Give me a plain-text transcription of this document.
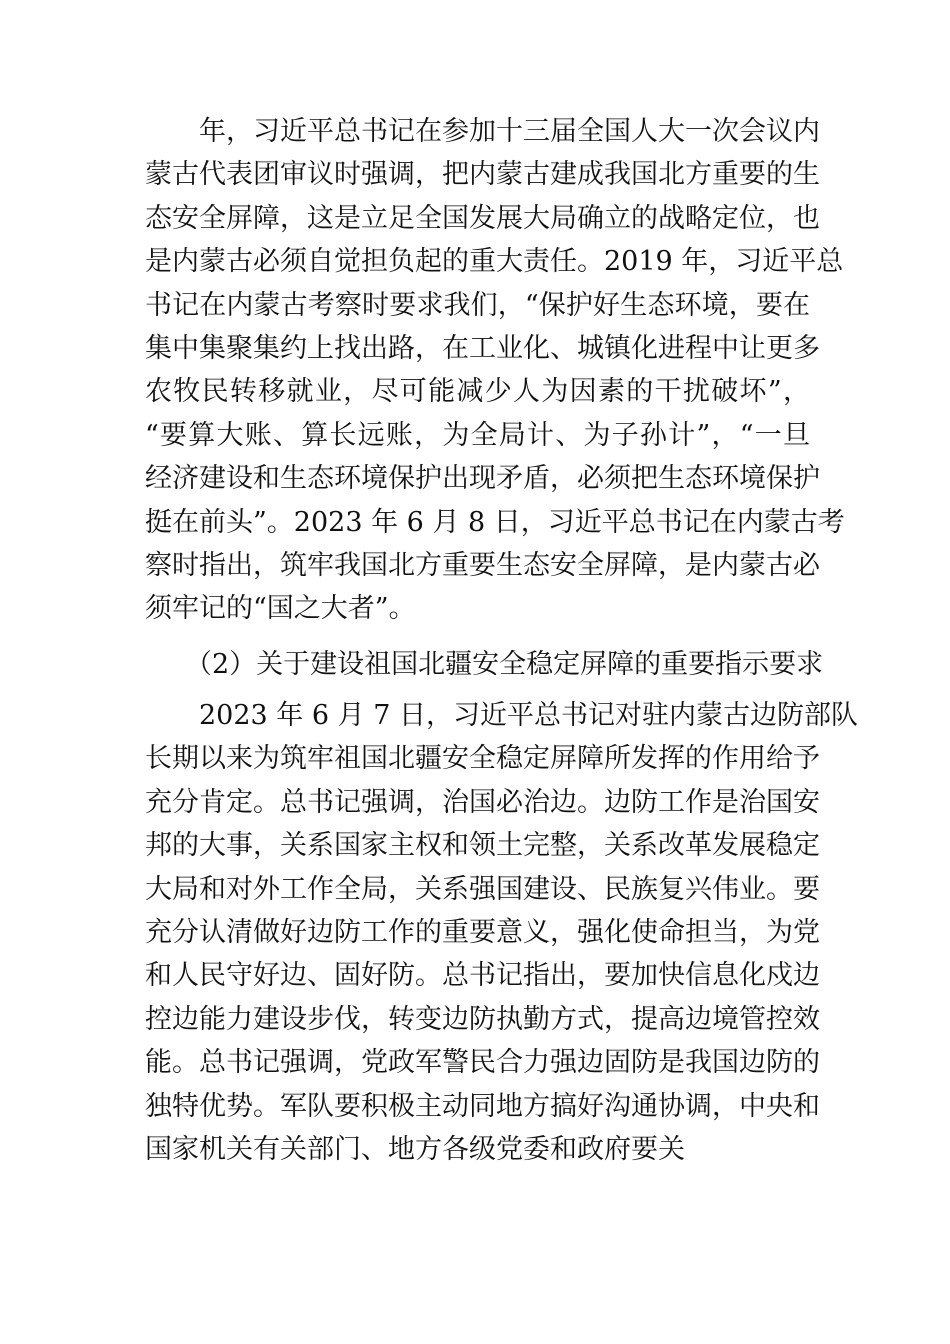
年，习近平总书记在参加十三届全国人大一次会议内
蒙古代表团审议时强调，把内蒙古建成我国北方重要的生
态安全屏障，这是立足全国发展大局确立的战略定位，也
是内蒙古必须自觉担负起的重大责任。2019 年，习近平总
书记在内蒙古考察时要求我们，“保护好生态环境，要在
集中集聚集约上找出路，在工业化、城镇化进程中让更多
农牧民转移就业，尽可能减少人为因素的干扰破坏”，
“要算大账、算长远账，为全局计、为子孙计”，“一旦
经济建设和生态环境保护出现矛盾，必须把生态环境保护
挺在前头”。2023 年 6 月 8 日，习近平总书记在内蒙古考
察时指出，筑牢我国北方重要生态安全屏障，是内蒙古必
须牢记的“国之大者”。
（2）关于建设祖国北疆安全稳定屏障的重要指示要求
2023 年 6 月 7 日，习近平总书记对驻内蒙古边防部队
长期以来为筑牢祖国北疆安全稳定屏障所发挥的作用给予
充分肯定。总书记强调，治国必治边。边防工作是治国安
邦的大事，关系国家主权和领土完整，关系改革发展稳定
大局和对外工作全局，关系强国建设、民族复兴伟业。要
充分认清做好边防工作的重要意义，强化使命担当，为党
和人民守好边、固好防。总书记指出，要加快信息化戍边
控边能力建设步伐，转变边防执勤方式，提高边境管控效
能。总书记强调，党政军警民合力强边固防是我国边防的
独特优势。军队要积极主动同地方搞好沟通协调，中央和
国家机关有关部门、地方各级党委和政府要关
